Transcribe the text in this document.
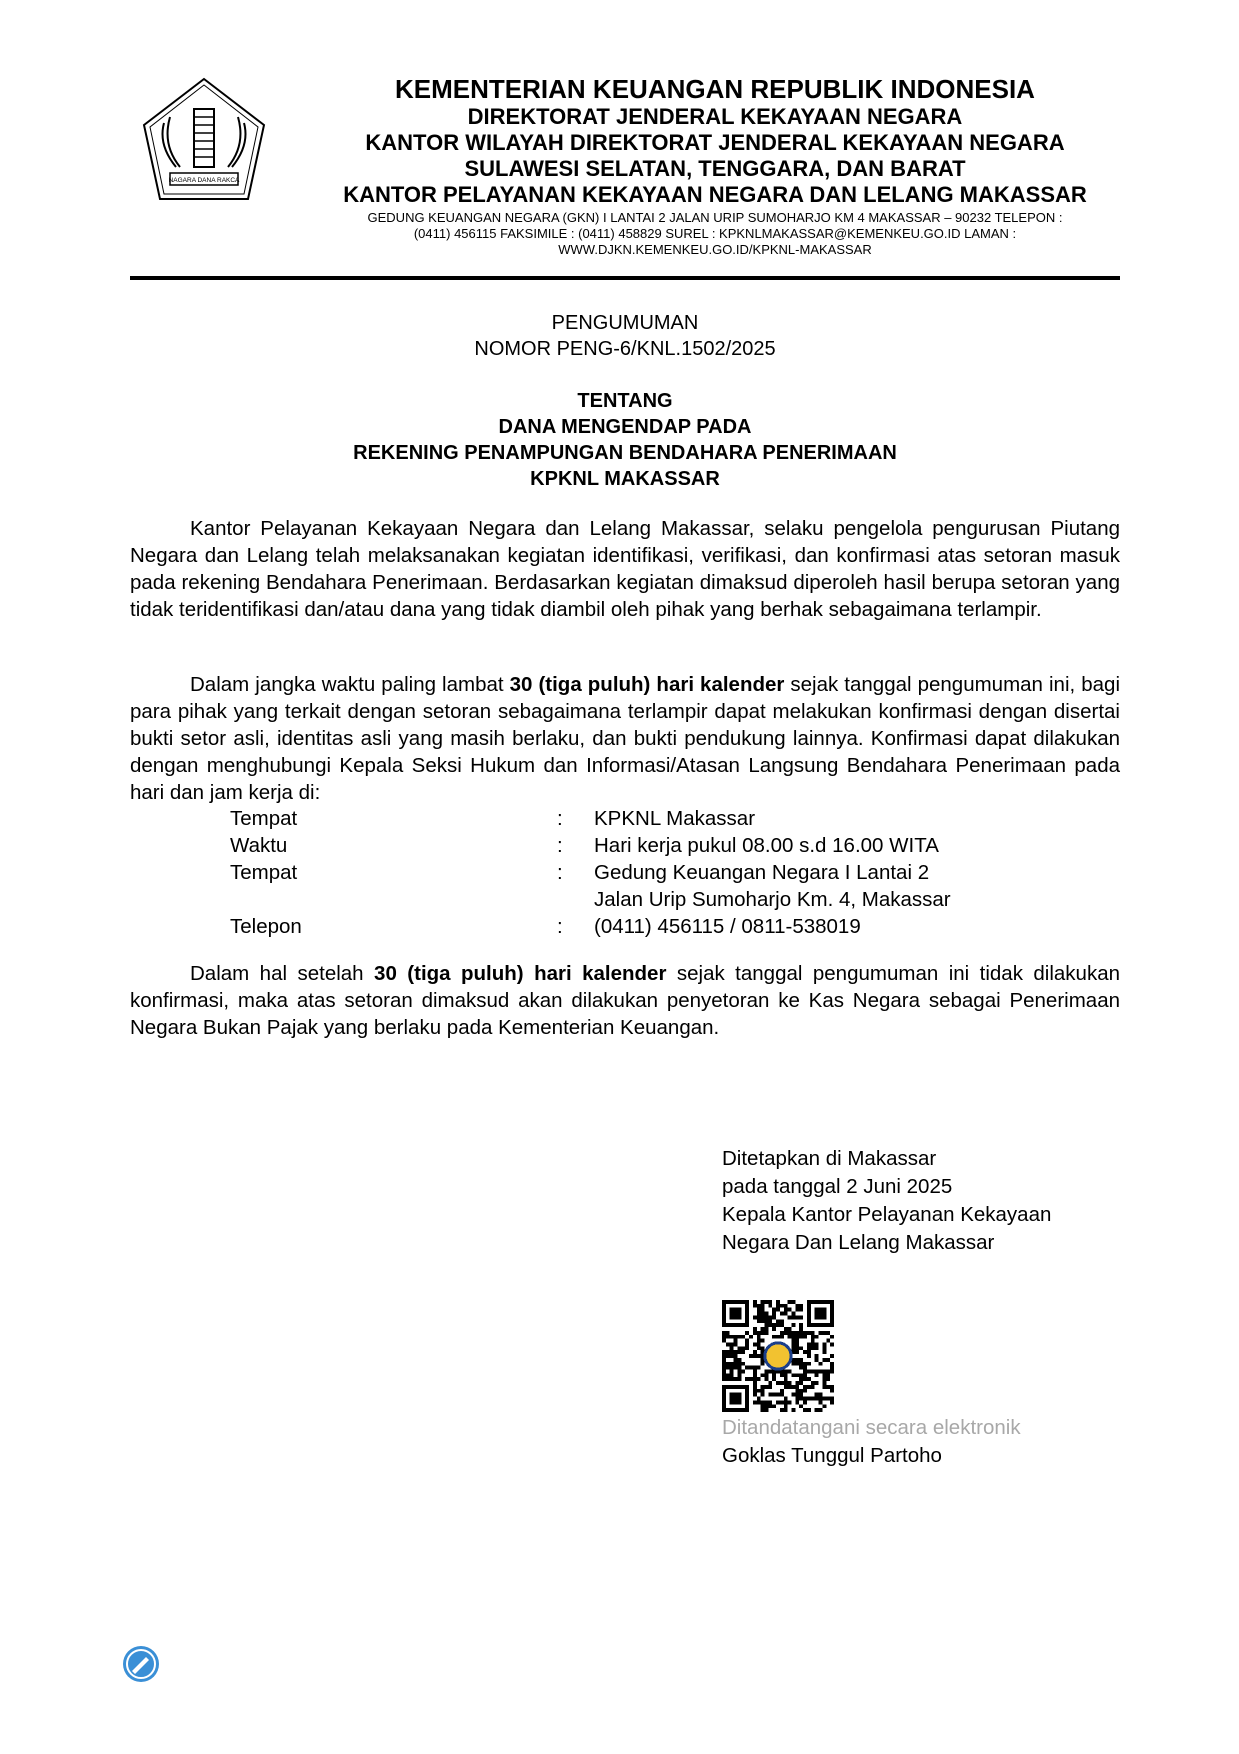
NAGARA DANA RAKCA
KEMENTERIAN KEUANGAN REPUBLIK INDONESIA
DIREKTORAT JENDERAL KEKAYAAN NEGARA
KANTOR WILAYAH DIREKTORAT JENDERAL KEKAYAAN NEGARA
SULAWESI SELATAN, TENGGARA, DAN BARAT
KANTOR PELAYANAN KEKAYAAN NEGARA DAN LELANG MAKASSAR
GEDUNG KEUANGAN NEGARA (GKN) I LANTAI 2 JALAN URIP SUMOHARJO KM 4 MAKASSAR – 90232 TELEPON :
(0411) 456115 FAKSIMILE : (0411) 458829 SUREL : KPKNLMAKASSAR@KEMENKEU.GO.ID LAMAN :
WWW.DJKN.KEMENKEU.GO.ID/KPKNL-MAKASSAR
PENGUMUMAN
NOMOR PENG-6/KNL.1502/2025
TENTANG
DANA MENGENDAP PADA
REKENING PENAMPUNGAN BENDAHARA PENERIMAAN
KPKNL MAKASSAR
Kantor Pelayanan Kekayaan Negara dan Lelang Makassar, selaku pengelola pengurusan Piutang Negara dan Lelang telah melaksanakan kegiatan identifikasi, verifikasi, dan konfirmasi atas setoran masuk pada rekening Bendahara Penerimaan. Berdasarkan kegiatan dimaksud diperoleh hasil berupa setoran yang tidak teridentifikasi dan/atau dana yang tidak diambil oleh pihak yang berhak sebagaimana terlampir.
Dalam jangka waktu paling lambat 30 (tiga puluh) hari kalender sejak tanggal pengumuman ini, bagi para pihak yang terkait dengan setoran sebagaimana terlampir dapat melakukan konfirmasi dengan disertai bukti setor asli, identitas asli yang masih berlaku, dan bukti pendukung lainnya. Konfirmasi dapat dilakukan dengan menghubungi Kepala Seksi Hukum dan Informasi/Atasan Langsung Bendahara Penerimaan pada hari dan jam kerja di:
Tempat	:	KPKNL Makassar
Waktu	:	Hari kerja pukul 08.00 s.d 16.00 WITA
Tempat	:	Gedung Keuangan Negara I Lantai 2
Jalan Urip Sumoharjo Km. 4, Makassar
Telepon	:	(0411) 456115 / 0811-538019
Dalam hal setelah 30 (tiga puluh) hari kalender sejak tanggal pengumuman ini tidak dilakukan konfirmasi, maka atas setoran dimaksud akan dilakukan penyetoran ke Kas Negara sebagai Penerimaan Negara Bukan Pajak yang berlaku pada Kementerian Keuangan.
Ditetapkan di Makassar
pada tanggal 2 Juni 2025
Kepala Kantor Pelayanan Kekayaan
Negara Dan Lelang Makassar
Ditandatangani secara elektronik
Goklas Tunggul Partoho
